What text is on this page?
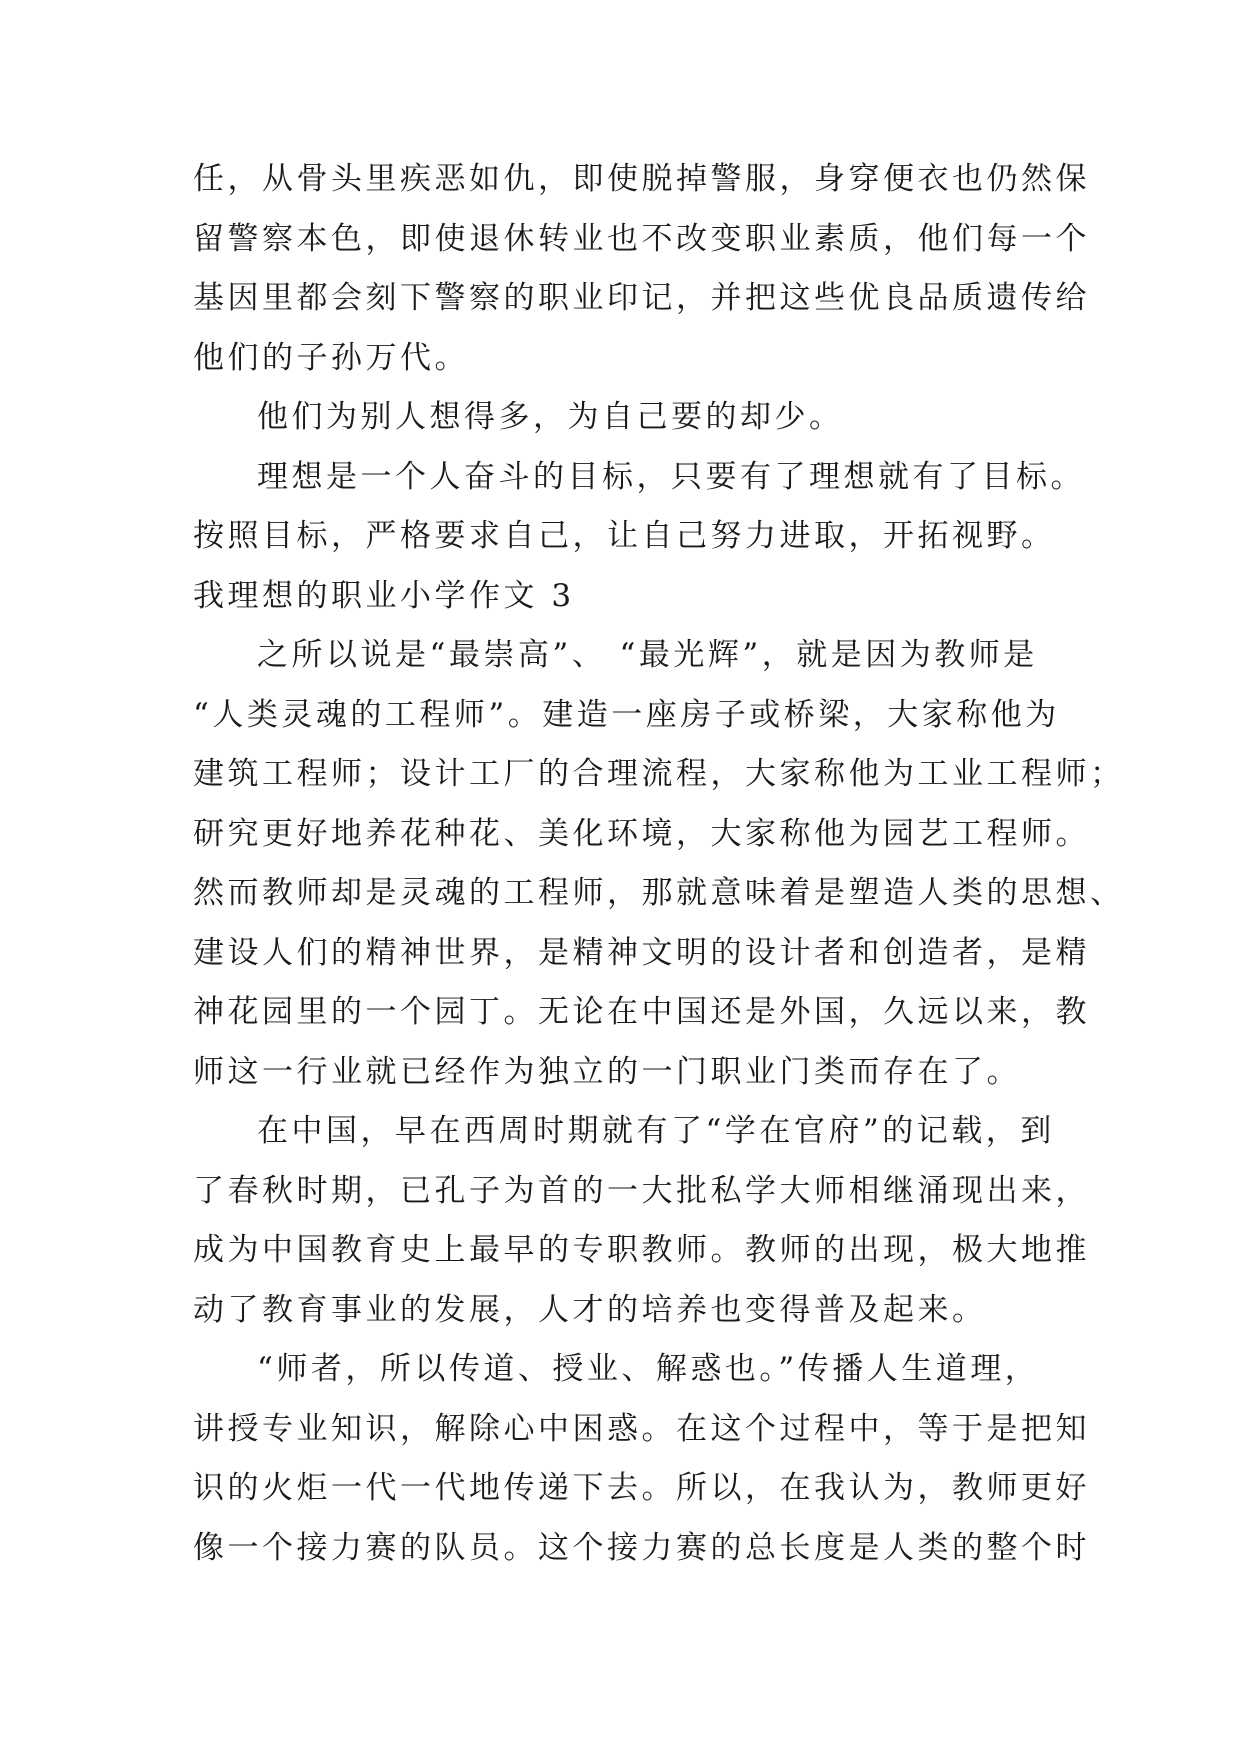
任，从骨头里疾恶如仇，即使脱掉警服，身穿便衣也仍然保
留警察本色，即使退休转业也不改变职业素质，他们每一个
基因里都会刻下警察的职业印记，并把这些优良品质遗传给
他们的子孙万代。
他们为别人想得多，为自己要的却少。
理想是一个人奋斗的目标，只要有了理想就有了目标。
按照目标，严格要求自己，让自己努力进取，开拓视野。
我理想的职业小学作文 3
之所以说是“最崇高”、 “最光辉”，就是因为教师是
“人类灵魂的工程师”。建造一座房子或桥梁，大家称他为
建筑工程师；设计工厂的合理流程，大家称他为工业工程师；
研究更好地养花种花、美化环境，大家称他为园艺工程师。
然而教师却是灵魂的工程师，那就意味着是塑造人类的思想、
建设人们的精神世界，是精神文明的设计者和创造者，是精
神花园里的一个园丁。无论在中国还是外国，久远以来，教
师这一行业就已经作为独立的一门职业门类而存在了。
在中国，早在西周时期就有了“学在官府”的记载，到
了春秋时期，已孔子为首的一大批私学大师相继涌现出来，
成为中国教育史上最早的专职教师。教师的出现，极大地推
动了教育事业的发展，人才的培养也变得普及起来。
“师者，所以传道、授业、解惑也。”传播人生道理，
讲授专业知识，解除心中困惑。在这个过程中，等于是把知
识的火炬一代一代地传递下去。所以，在我认为，教师更好
像一个接力赛的队员。这个接力赛的总长度是人类的整个时
